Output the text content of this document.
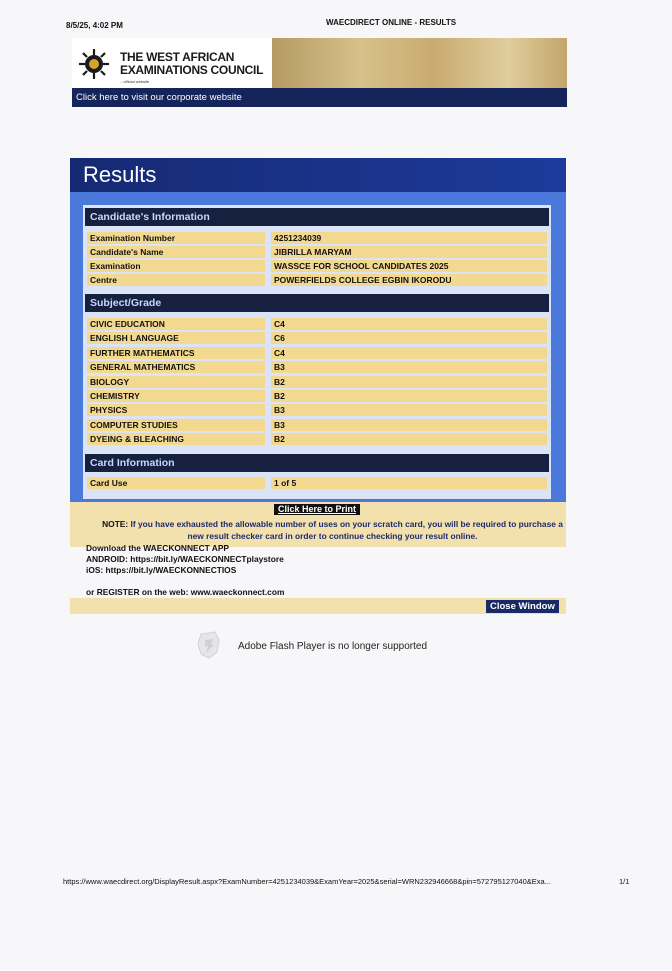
8/5/25, 4:02 PM	WAECDIRECT ONLINE - RESULTS
THE WEST AFRICAN
EXAMINATIONS COUNCIL
...official website
Click here to visit our corporate website
Results
Candidate's Information
Examination Number	4251234039
Candidate's Name	JIBRILLA MARYAM
Examination	WASSCE FOR SCHOOL CANDIDATES 2025
Centre	POWERFIELDS COLLEGE EGBIN IKORODU
Subject/Grade
CIVIC EDUCATION	C4
ENGLISH LANGUAGE	C6
FURTHER MATHEMATICS	C4
GENERAL MATHEMATICS	B3
BIOLOGY	B2
CHEMISTRY	B2
PHYSICS	B3
COMPUTER STUDIES	B3
DYEING & BLEACHING	B2
Card Information
Card Use	1 of 5
Click Here to Print
NOTE: If you have exhausted the allowable number of uses on your scratch card, you will be required to purchase a new result checker card in order to continue checking your result online.
Download the WAECKONNECT APP
ANDROID: https://bit.ly/WAECKONNECTplaystore
iOS: https://bit.ly/WAECKONNECTIOS
or REGISTER on the web: www.waeckonnect.com
Close Window
Adobe Flash Player is no longer supported
https://www.waecdirect.org/DisplayResult.aspx?ExamNumber=4251234039&ExamYear=2025&serial=WRN232946668&pin=572795127040&Exa...	1/1
